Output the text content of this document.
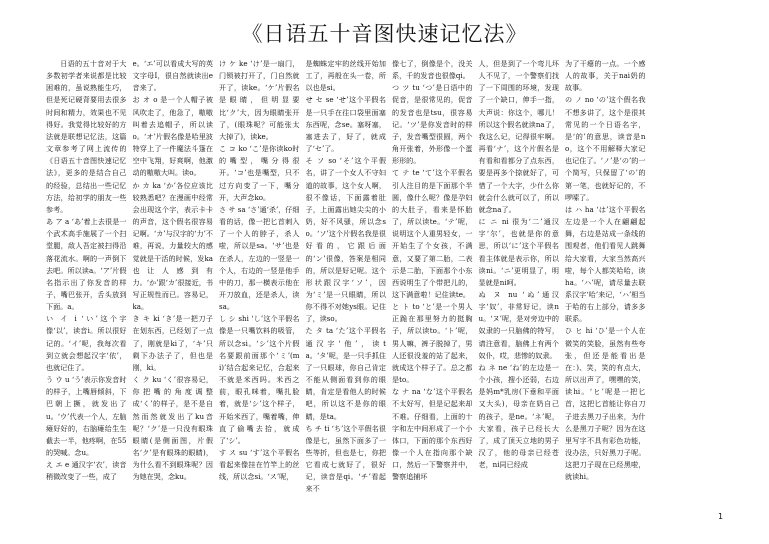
《日语五十音图快速记忆法》

日语的五十音对于大多数初学者来说都是比较困难的，虽说熟能生巧，但是死记硬背要用去很多时间和精力，效果也不见得好。我觉得比较好的方法就是联想记忆法，这篇文章参考了网上流传的《日语五十音图快速记忆法》，更多的是结合自己的经验，总结出一些记忆方法，给初学的朋友一些参考。

あ ア a ‘あ’着上去很是一个武术高手施展了一个扫堂腿，敌人吾定被扫得沿落花流水。啊的一声倒下去吧。所以读a。‘ア’片假名指示出了你发音的样子，嘴巴张开，舌头放到下面。a。

い イ i ‘い’这个字像‘以’，读音i。所以很好记的。‘イ’呢，我每次看到立就会想起汉字‘依’，也就记住了。

う ウ u ‘う’表示你发音时的样子，上嘴唇倾斜，下巴朝上撅，就发出了u。‘ウ’代表一个人，左脑瘫好好的，右脑瘫给生生截去一半，他疼啊，在55的哭喊。念u。

え エ e 通汉字‘衣’，读音稍微改变了一些，成了

e。‘エ’可以看成大写的英文字母I，很自然就读出e音来了。

お オ o 是一个人帽子被风吹走了，他急了，嗷嗷叫着去追帽子，所以读o。‘オ’片假名像是哈里波特穿上了一件魔法斗篷在空中飞翔，好爽啊，他激动的嗷嗷大叫。读o。

か カ ka ‘か’各位应该比较熟悉吧？在漫画中经常会出现这个字，表示卡卡的声音，这个假名很容易记啊。‘カ’与汉字的‘力’不难，再说，力量较大的感觉就是干活的时候，发ka也让人感到有力。‘か’跟‘カ’很接近，书写正规性而已。容易记，ka。

き キ ki ‘き’是一把刀子在划东西，已经划了一点了，刚就是ki了，‘キ’只剩下办法子了，但也是刚，ki。

く ク ku ‘く’很容易记，你把嘴的角度调整成‘く’的样子，是不是自然而然就发出了ku音呢？‘ク’是一只没有眼珠眼睛(是侧面图，片假名‘ク’是有眼珠的眼睛)，为什么看不到眼珠呢？因为她在哭，念ku。

け ケ ke ‘け’是一扇门，门锁被打开了，门自然就开了，读ke。‘ケ’片假名是眼睛，但明显要比‘ク’大，因为眼睛张开了，(眼珠呢？可能张太大掉了)，读ke。

こ コ ko ‘こ’是你读ko时的嘴型，嘴分得很开。‘コ’也是嘴型，只不过方向变了一下，嘴分开，大声念ko。

さ サ sa ‘さ’通‘杀’，仔细看的话，像一把匕首刺入了一个人的脖子，杀人啦，所以是sa。‘サ’也是在杀人，左边的一竖是一个人，右边的一竖是他手中的刀，那一横表示他在开刀放血，还是杀人，读sa。

し シ shi ‘し’这个平假名像是一只嘴饮料的吸管，所以念si。‘シ’这个片假名要跟前面那个‘ミ’(mi)’结合起来记忆，合起来不就是米西吗。米西之前，眼孔咪着，嘴扎脸着，就是‘シ’这个样子，开始米西了，嘴着嘴，伸直了偷嘴去拾，就成了‘シ’。

す ス su ‘す’这个平假名看起来像挂在竹竿上的丝线，所以念si。‘ス’呢，

是蜘蛛定牢的丝线开始加工了，再般在头一卷，所以也是si。

せ セ se ‘せ’这个平假名是一只手在往口袋里面塞东西呢，念se。塞呀塞，塞进去了，好了，就成了‘セ’了。

そ ソ so ‘そ’这个平假名，讲了一个女人不守妇道的故事，这个女人啊，很不像话，下面露着肚子，上面露出她尖尖的小奶，好不风骚，所以念so。‘ソ’这个片假名我是很好看的，它跟后面的‘ン’很像，答案是相同的，所以是好记呢。这个形状跟汉字‘ソ’，因为‘ミ’是一只眼睛，所以你不得不对她ys眼。记住了，读so。

た タ ta ‘た’这个平假名通汉字‘他’，读ta。‘タ’呢，是一只手抓住了一只眼球，你自己肯定不能从侧面看到你的眼睛，肯定是看他人的时候吧，所以这不是你的眼睛，是ta。

ち チ ti ‘ち’这个平假名很像是七，虽然下面多了一些等折，但也是七，你把它看成七就好了，很好记，读音是qi。‘チ’看起来不

像七了，倒像是个，没关系，千的发音也很像qi。

つ ツ tu ‘つ’是日语中的促音，是很常见的，促音的发音也是tsu，很容易记。‘ツ’是你发音时的样子，发音嘴型很圆，两个角开张着，外形像一个蛋形形的。

て テ te ‘て’这个平假名引人注目的是下面那个半圆，像什么呢？像是孕妇的大肚子，看来是怀胎了，所以读te。‘テ’呢，说明这个人重男轻女，一开始生了个女孩，不满意，又要了第二胎，二表示是二胎，下面那个小东西说明生了个带把儿的，这下满意啦！记住读te。

と ト to ‘と’是一个男人正跪在那里努力的挺胸子，所以读to。‘ト’呢，男人嘛，裤子脱掉了，男人还很没羞的站了起来，就成这个样子了。总之都是to。

な ナ na ‘な’这个平假名不太好写，但是记起来却不难。仔细看，上面的十字和左中间形成了一个小体口，下面的那个东西好像一个人在指向那个缺口，然后一下警察并中，警察追捕坏

人，但是到了一个弯儿坏人不见了，一个警察们找了一下周围的环境，发现了一个缺口，伸手一指，大声说：你这个，哪儿！所以这个假名就读na了，我这么记，记得很牢啊。再看‘ナ’，这个片假名是有看和看都分了点东西，要是再多个捺就好了，可惜了一个大字，少什么你就会什么就可以了，所以就念na了。

に ニ ni 很为‘二’通汉字‘尔’，也就是你的意思，所以‘に’这个平假名看主体就是表示你，所以读ni。‘ニ’更明显了，明显就是ni呵。

ぬ ヌ nu ‘ぬ’通汉字‘奴’，非常好记，读nu。‘ヌ’呢，是对旁边中的奴隶的一只脑佛的特写，请注意看，脑佛上有两个奴仆，哎，悲惨的奴隶。

ね ネ ne ‘ね’的左边是一个小孩，搜小还弱，右边是妈m*乳房(下垂和平面又大头)，母亲在奶自己的孩子，是ne。‘ネ’呢，大家看，孩子已经长大了，成了顶天立地的男子汉了，他的母亲已经苍老，ni同已经成

为了干瘪的一点。一个感人的故事，关于nai奶的故事。

の ノ no ‘の’这个假名我不想多讲了，这个是很其常见的一个日语名字，是‘的’的意思，读音是no，这个不用解释大家记也记住了。‘ノ’是‘の’的一个简写，只保留了‘の’的第一笔，也就好记的，不啰嗦了。

は ハ ha ‘は’这个平假名左边是一个人在翩翩起舞，右边是站成一条线的围观者，他们看见人跳舞给大家看，大家当然高兴啦，每个人都笑哈哈，读ha。‘ハ’呢，请尽量去联系汉字‘哈’来记，‘ハ’相当于哈的右上部分，请多多联系。

ひ ヒ hi ‘ひ’是一个人在微笑的笑脸，虽然有些夸张，但还是能看出是在：)、笑，笑的有点大，所以出声了，嘿嘿的笑，读hi。‘ヒ’呢是一把匕首，这把匕首能让你自刀子进去黑刀子出来，为什么是黑刀子呢？因为在这里写字不具有彩色功能，没办法，只好黑刀子呢。这把刀子现在已经黑啦，就读hi。

1
